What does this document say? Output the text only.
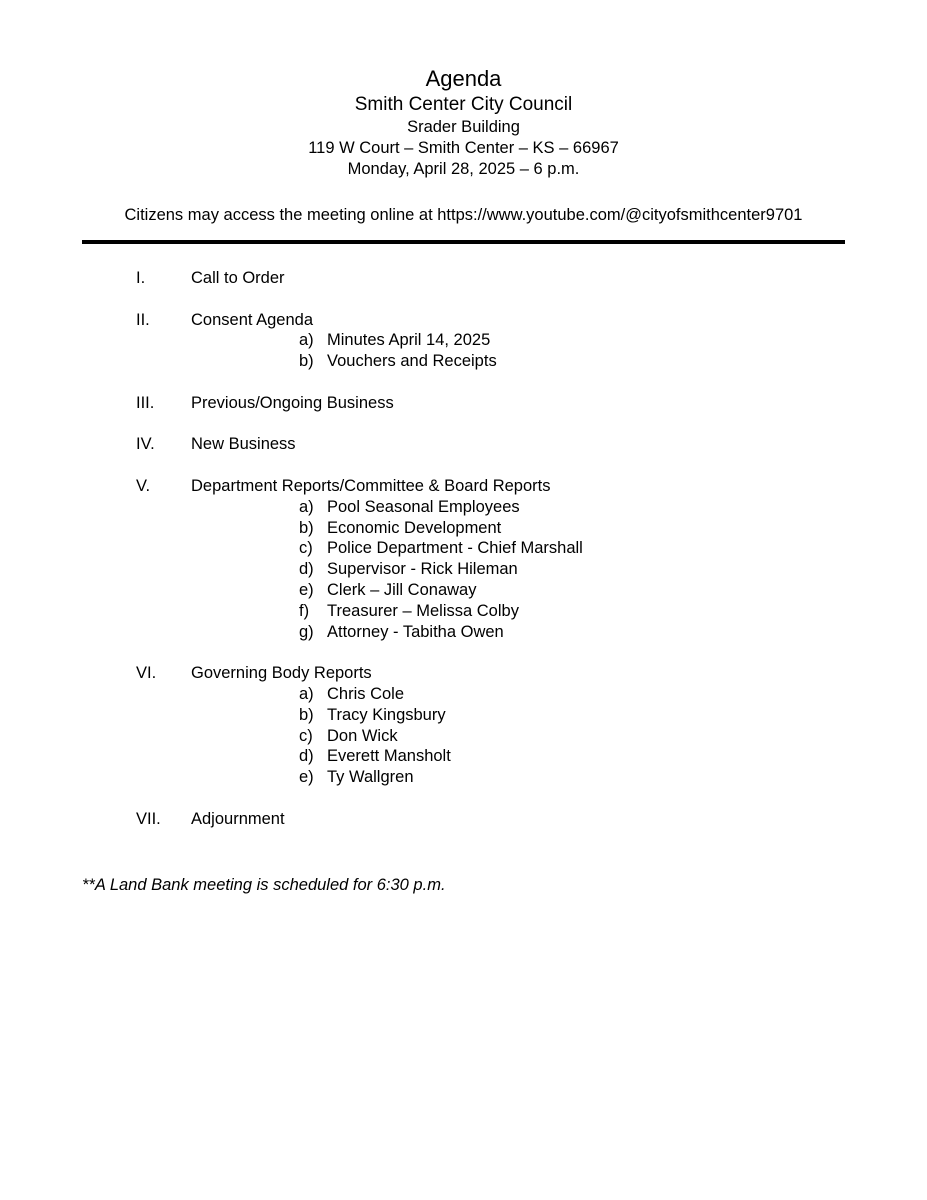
Agenda
Smith Center City Council
Srader Building
119 W Court – Smith Center – KS – 66967
Monday, April 28, 2025 – 6 p.m.
Citizens may access the meeting online at https://www.youtube.com/@cityofsmithcenter9701
I.	Call to Order
II. Consent Agenda
a) Minutes April 14, 2025
b) Vouchers and Receipts
III. Previous/Ongoing Business
IV. New Business
V. Department Reports/Committee & Board Reports
a) Pool Seasonal Employees
b) Economic Development
c) Police Department - Chief Marshall
d) Supervisor - Rick Hileman
e) Clerk – Jill Conaway
f) Treasurer – Melissa Colby
g) Attorney - Tabitha Owen
VI. Governing Body Reports
a) Chris Cole
b) Tracy Kingsbury
c) Don Wick
d) Everett Mansholt
e) Ty Wallgren
VII. Adjournment
**A Land Bank meeting is scheduled for 6:30 p.m.
